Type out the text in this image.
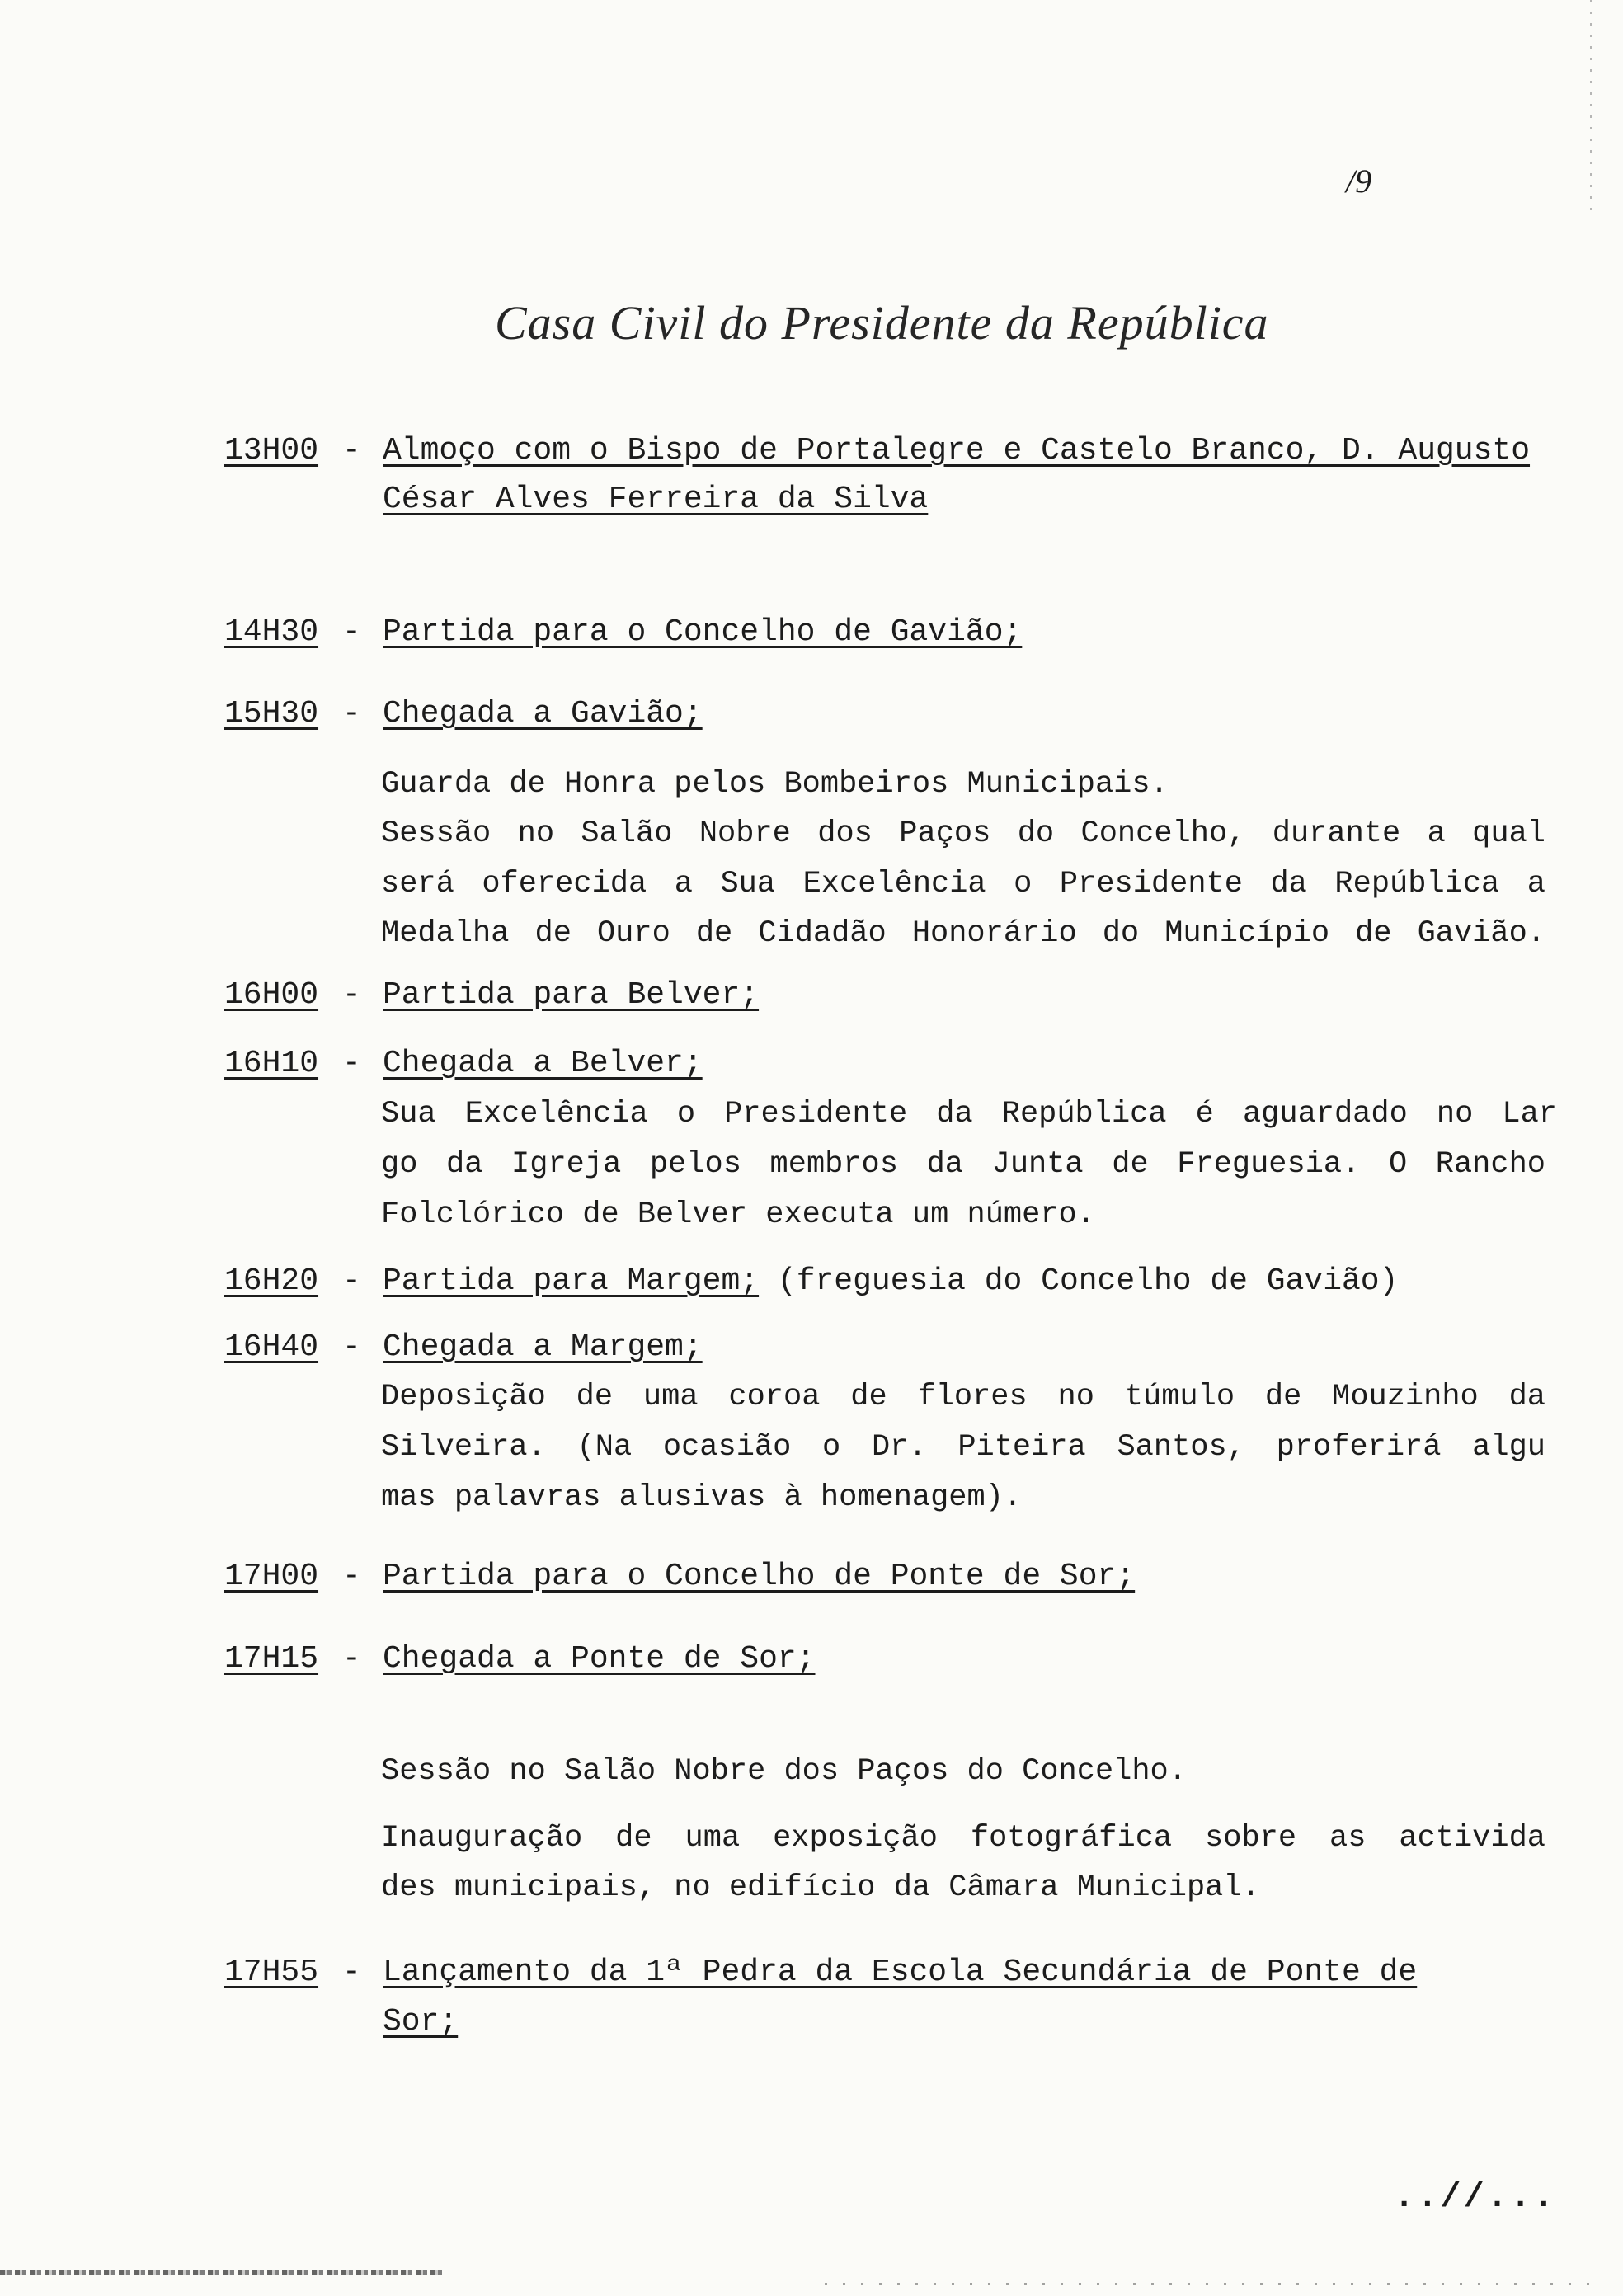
/9
Casa Civil do Presidente da República
13H00 - Almoço com o Bispo de Portalegre e Castelo Branco, D. Augusto
César Alves Ferreira da Silva
14H30 - Partida para o Concelho de Gavião;
15H30 - Chegada a Gavião;
Guarda de Honra pelos Bombeiros Municipais.
Sessão no Salão Nobre dos Paços do Concelho, durante a qual
será oferecida a Sua Excelência o Presidente da República a
Medalha de Ouro de Cidadão Honorário do Município de Gavião.
16H00 - Partida para Belver;
16H10 - Chegada a Belver;
Sua Excelência o Presidente da República é aguardado no Lar
go da Igreja pelos membros da Junta de Freguesia. O Rancho
Folclórico de Belver executa um número.
16H20 - Partida para Margem; (freguesia do Concelho de Gavião)
16H40 - Chegada a Margem;
Deposição de uma coroa de flores no túmulo de Mouzinho da
Silveira. (Na ocasião o Dr. Piteira Santos, proferirá algu
mas palavras alusivas à homenagem).
17H00 - Partida para o Concelho de Ponte de Sor;
17H15 - Chegada a Ponte de Sor;
Sessão no Salão Nobre dos Paços do Concelho.
Inauguração de uma exposição fotográfica sobre as activida
des municipais, no edifício da Câmara Municipal.
17H55 - Lançamento da 1ª Pedra da Escola Secundária de Ponte de
Sor;
..//...
